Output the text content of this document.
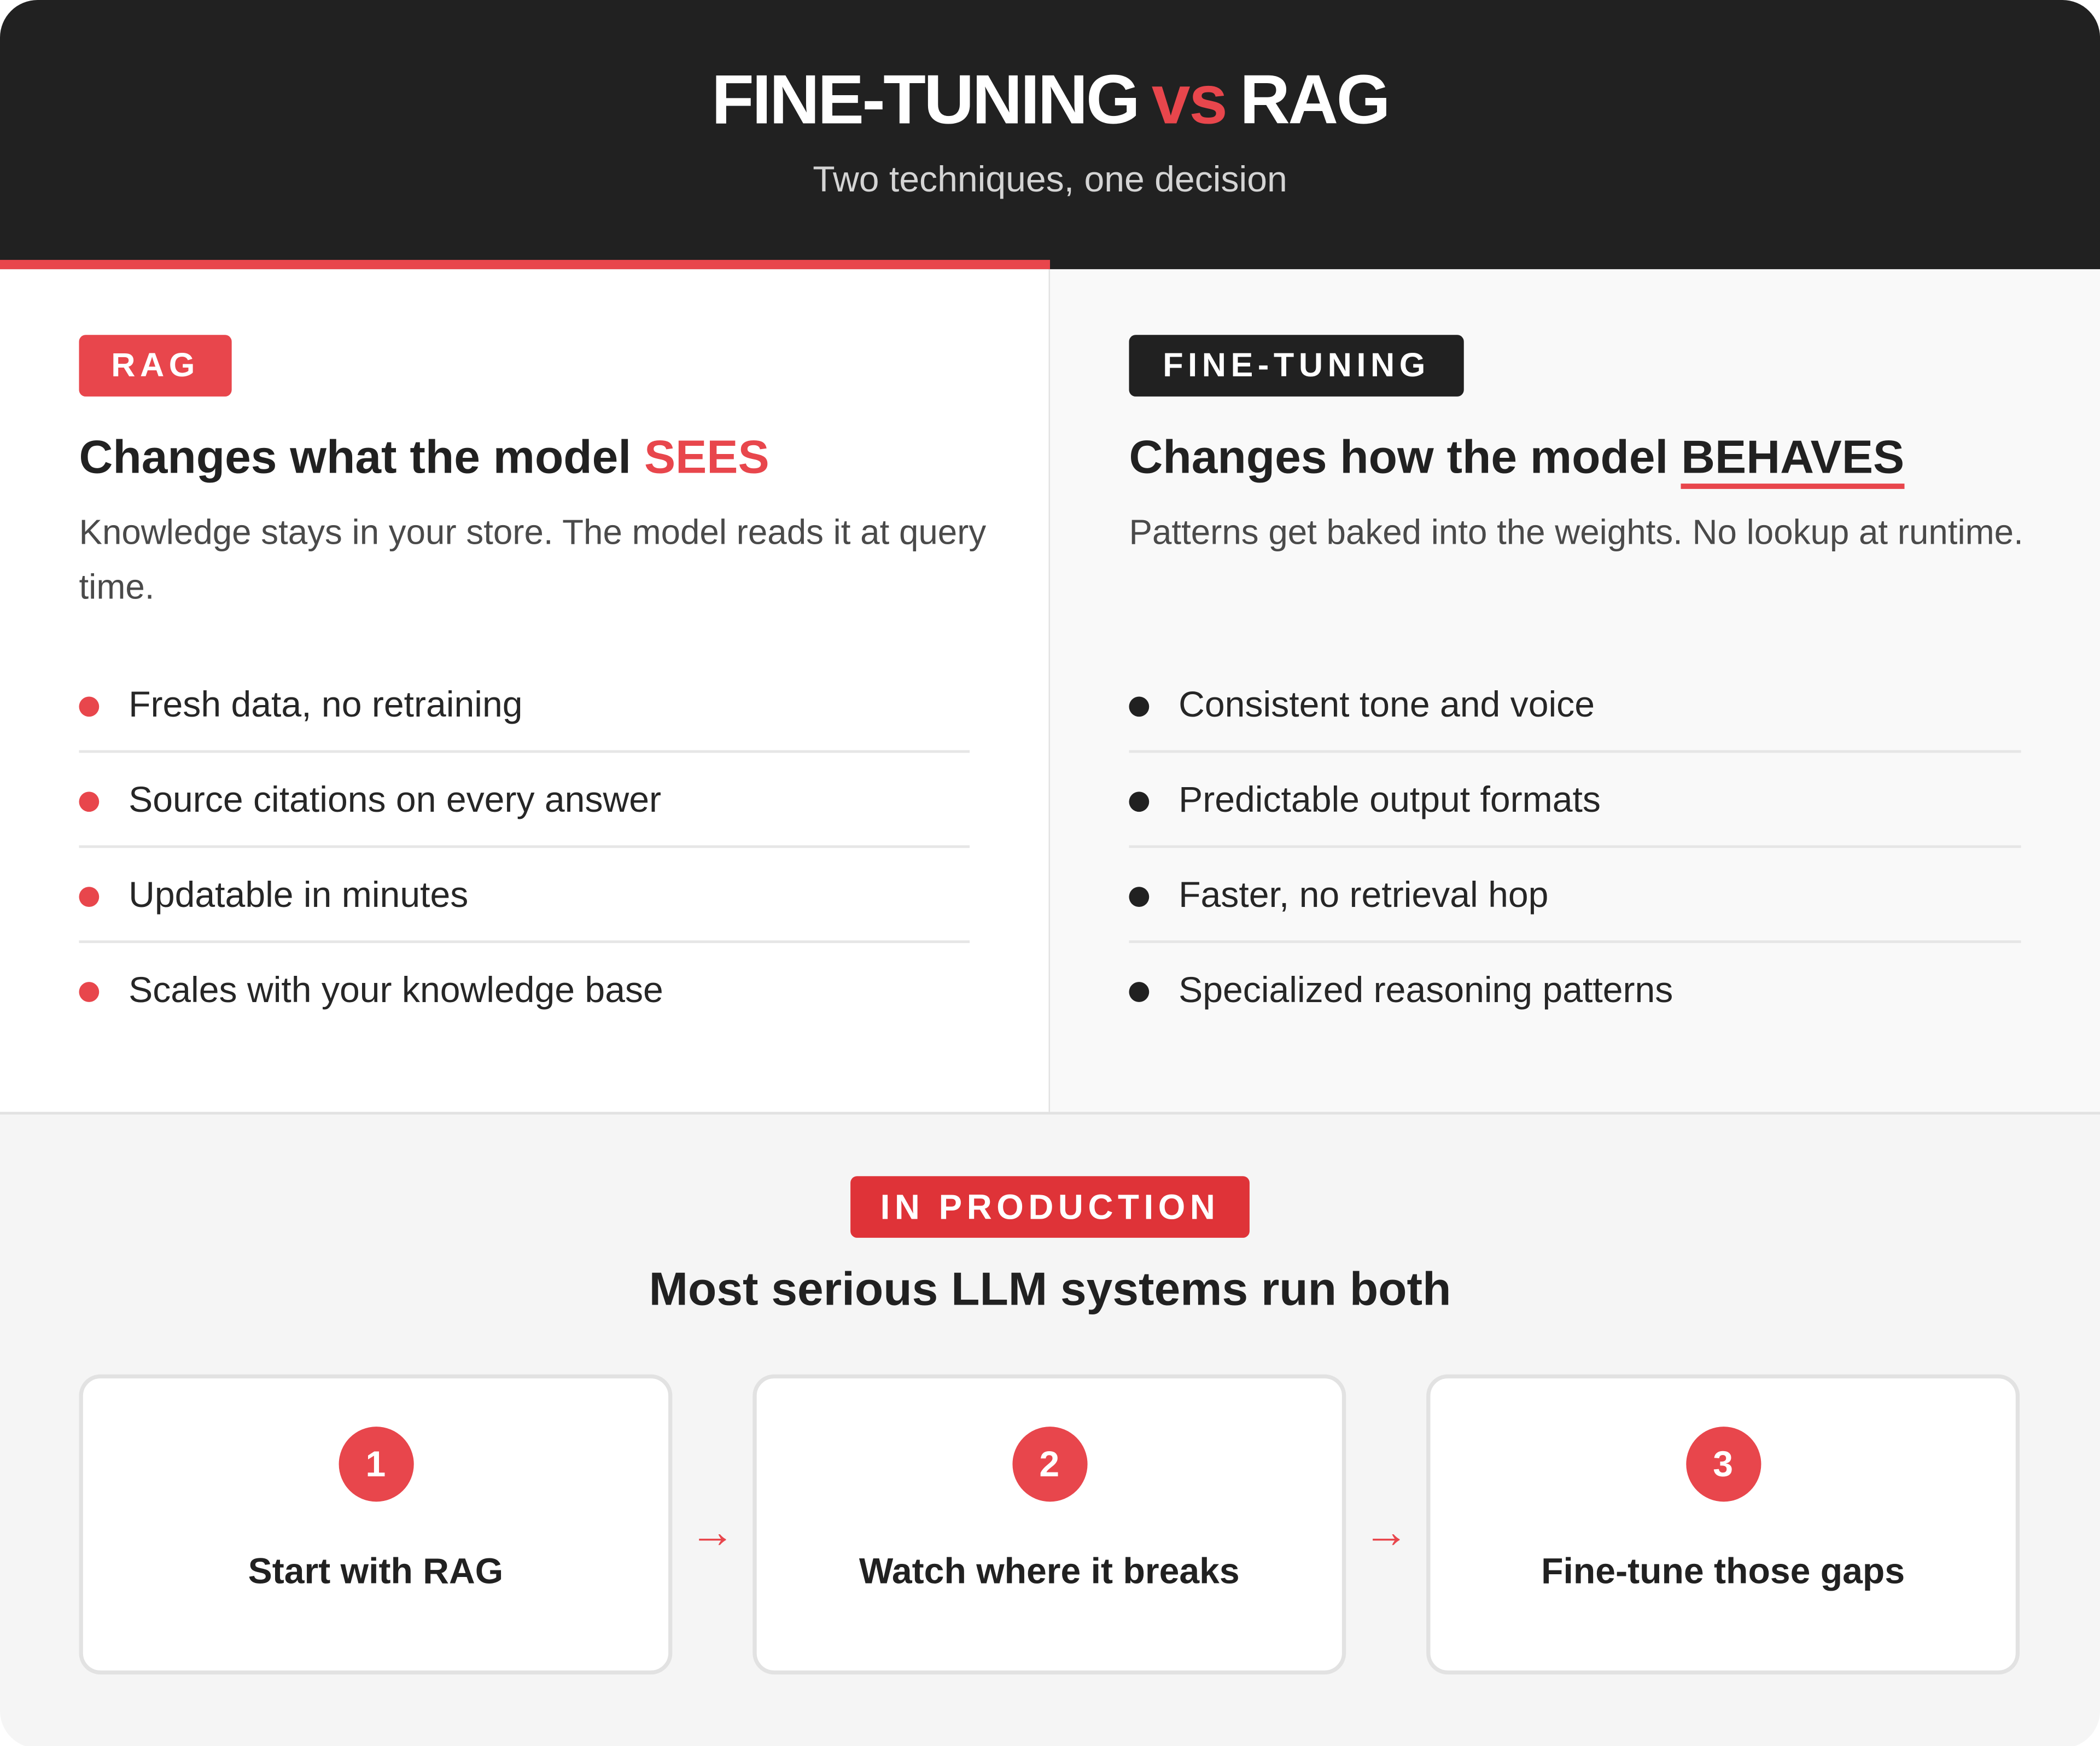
FINE-TUNING vs RAG
Two techniques, one decision
RAG
Changes what the model SEES
Knowledge stays in your store. The model reads it at query time.
Fresh data, no retraining
Source citations on every answer
Updatable in minutes
Scales with your knowledge base
FINE-TUNING
Changes how the model BEHAVES
Patterns get baked into the weights. No lookup at runtime.
Consistent tone and voice
Predictable output formats
Faster, no retrieval hop
Specialized reasoning patterns
IN PRODUCTION
Most serious LLM systems run both
1
Start with RAG
→
2
Watch where it breaks
→
3
Fine-tune those gaps
